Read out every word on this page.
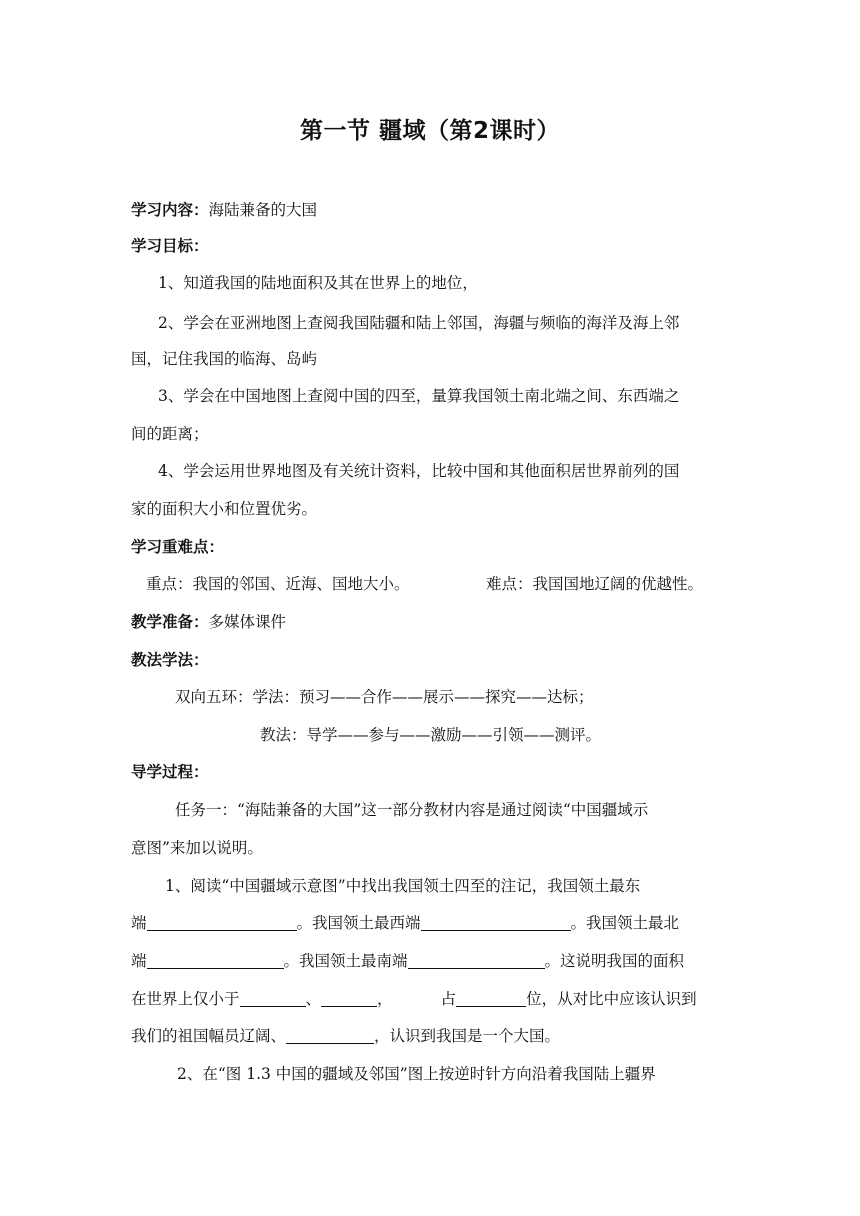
第一节 疆域（第2课时）
学习内容：海陆兼备的大国
学习目标：
1、知道我国的陆地面积及其在世界上的地位，
2、学会在亚洲地图上查阅我国陆疆和陆上邻国，海疆与频临的海洋及海上邻
国，记住我国的临海、岛屿
3、学会在中国地图上查阅中国的四至，量算我国领土南北端之间、东西端之
间的距离；
4、学会运用世界地图及有关统计资料，比较中国和其他面积居世界前列的国
家的面积大小和位置优劣。
学习重难点：
重点：我国的邻国、近海、国地大小。	难点：我国国地辽阔的优越性。
教学准备：多媒体课件
教法学法：
双向五环：学法：预习——合作——展示——探究——达标；
教法：导学——参与——激励——引领——测评。
导学过程：
任务一：“海陆兼备的大国”这一部分教材内容是通过阅读“中国疆域示
意图”来加以说明。
1、阅读“中国疆域示意图”中找出我国领土四至的注记，我国领土最东
端	。我国领土最西端	。我国领土最北
端	。我国领土最南端	。这说明我国的面积
在世界上仅小于	、	，	占	位，从对比中应该认识到
我们的祖国幅员辽阔、	，认识到我国是一个大国。
2、在“图 1.3 中国的疆域及邻国”图上按逆时针方向沿着我国陆上疆界
